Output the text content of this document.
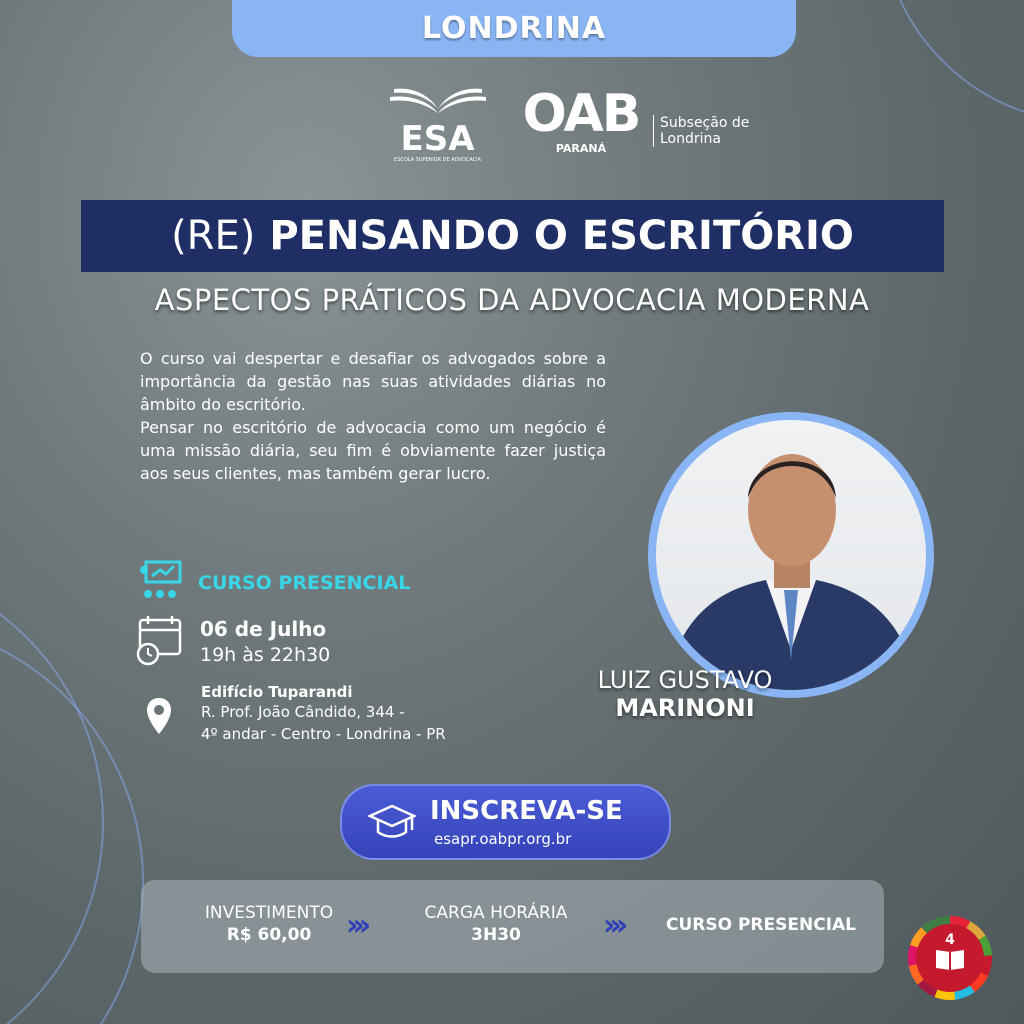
LONDRINA
ESA
ESCOLA SUPERIOR DE ADVOCACIA
OAB
PARANÁ
Subseção de
Londrina
(RE) PENSANDO O ESCRITÓRIO
ASPECTOS PRÁTICOS DA ADVOCACIA MODERNA

O curso vai despertar e desafiar os advogados sobre a importância da gestão nas suas atividades diárias no âmbito do escritório.

Pensar no escritório de advocacia como um negócio é uma missão diária, seu fim é obviamente fazer justiça aos seus clientes, mas também gerar lucro.

CURSO PRESENCIAL
06 de Julho
19h às 22h30
Edifício Tuparandi
R. Prof. João Cândido, 344 -
4º andar - Centro - Londrina - PR
LUIZ GUSTAVO
MARINONI
INSCREVA-SE
esapr.oabpr.org.br
INVESTIMENTO
R$ 60,00	›››	CARGA HORÁRIA
3H30	›››	CURSO PRESENCIAL
4
